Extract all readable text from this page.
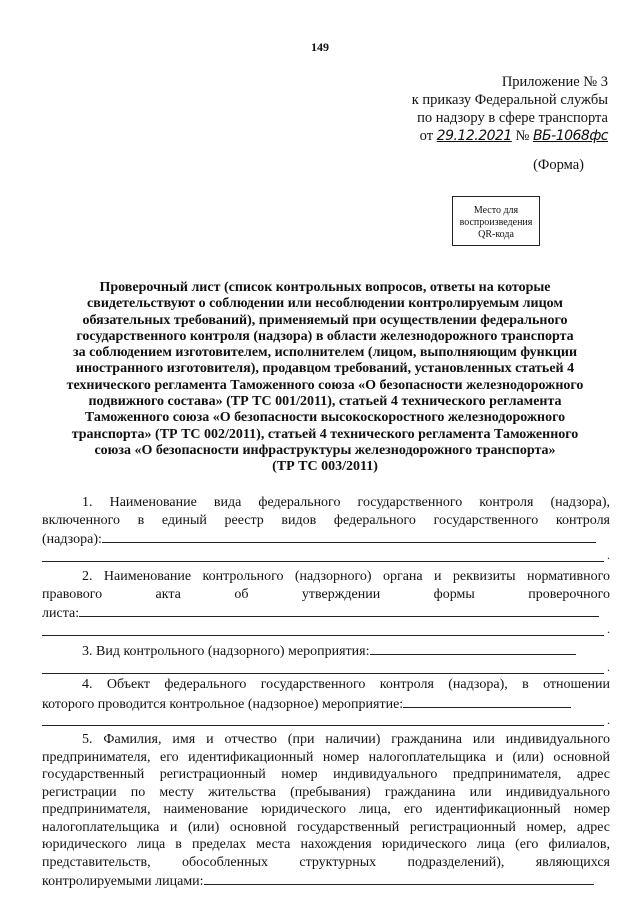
149
Приложение № 3
к приказу Федеральной службы
по надзору в сфере транспорта
от 29.12.2021 № ВБ-1068фс
(Форма)
Место для
воспроизведения
QR-кода
Проверочный лист (список контрольных вопросов, ответы на которые
свидетельствуют о соблюдении или несоблюдении контролируемым лицом
обязательных требований), применяемый при осуществлении федерального
государственного контроля (надзора) в области железнодорожного транспорта
за соблюдением изготовителем, исполнителем (лицом, выполняющим функции
иностранного изготовителя), продавцом требований, установленных статьей 4
технического регламента Таможенного союза «О безопасности железнодорожного
подвижного состава» (ТР ТС 001/2011), статьей 4 технического регламента
Таможенного союза «О безопасности высокоскоростного железнодорожного
транспорта» (ТР ТС 002/2011), статьей 4 технического регламента Таможенного
союза «О безопасности инфраструктуры железнодорожного транспорта»
(ТР ТС 003/2011)
1. Наименование вида федерального государственного контроля (надзора),
включенного в единый реестр видов федерального государственного контроля
(надзора):
.
2. Наименование контрольного (надзорного) органа и реквизиты нормативного
правового акта об утверждении формы проверочного
листа:
.
3. Вид контрольного (надзорного) мероприятия:
.
4. Объект федерального государственного контроля (надзора), в отношении
которого проводится контрольное (надзорное) мероприятие:
.
5. Фамилия, имя и отчество (при наличии) гражданина или индивидуального
предпринимателя, его идентификационный номер налогоплательщика и (или) основной
государственный регистрационный номер индивидуального предпринимателя, адрес
регистрации по месту жительства (пребывания) гражданина или индивидуального
предпринимателя, наименование юридического лица, его идентификационный номер
налогоплательщика и (или) основной государственный регистрационный номер, адрес
юридического лица в пределах места нахождения юридического лица (его филиалов,
представительств, обособленных структурных подразделений), являющихся
контролируемыми лицами:
